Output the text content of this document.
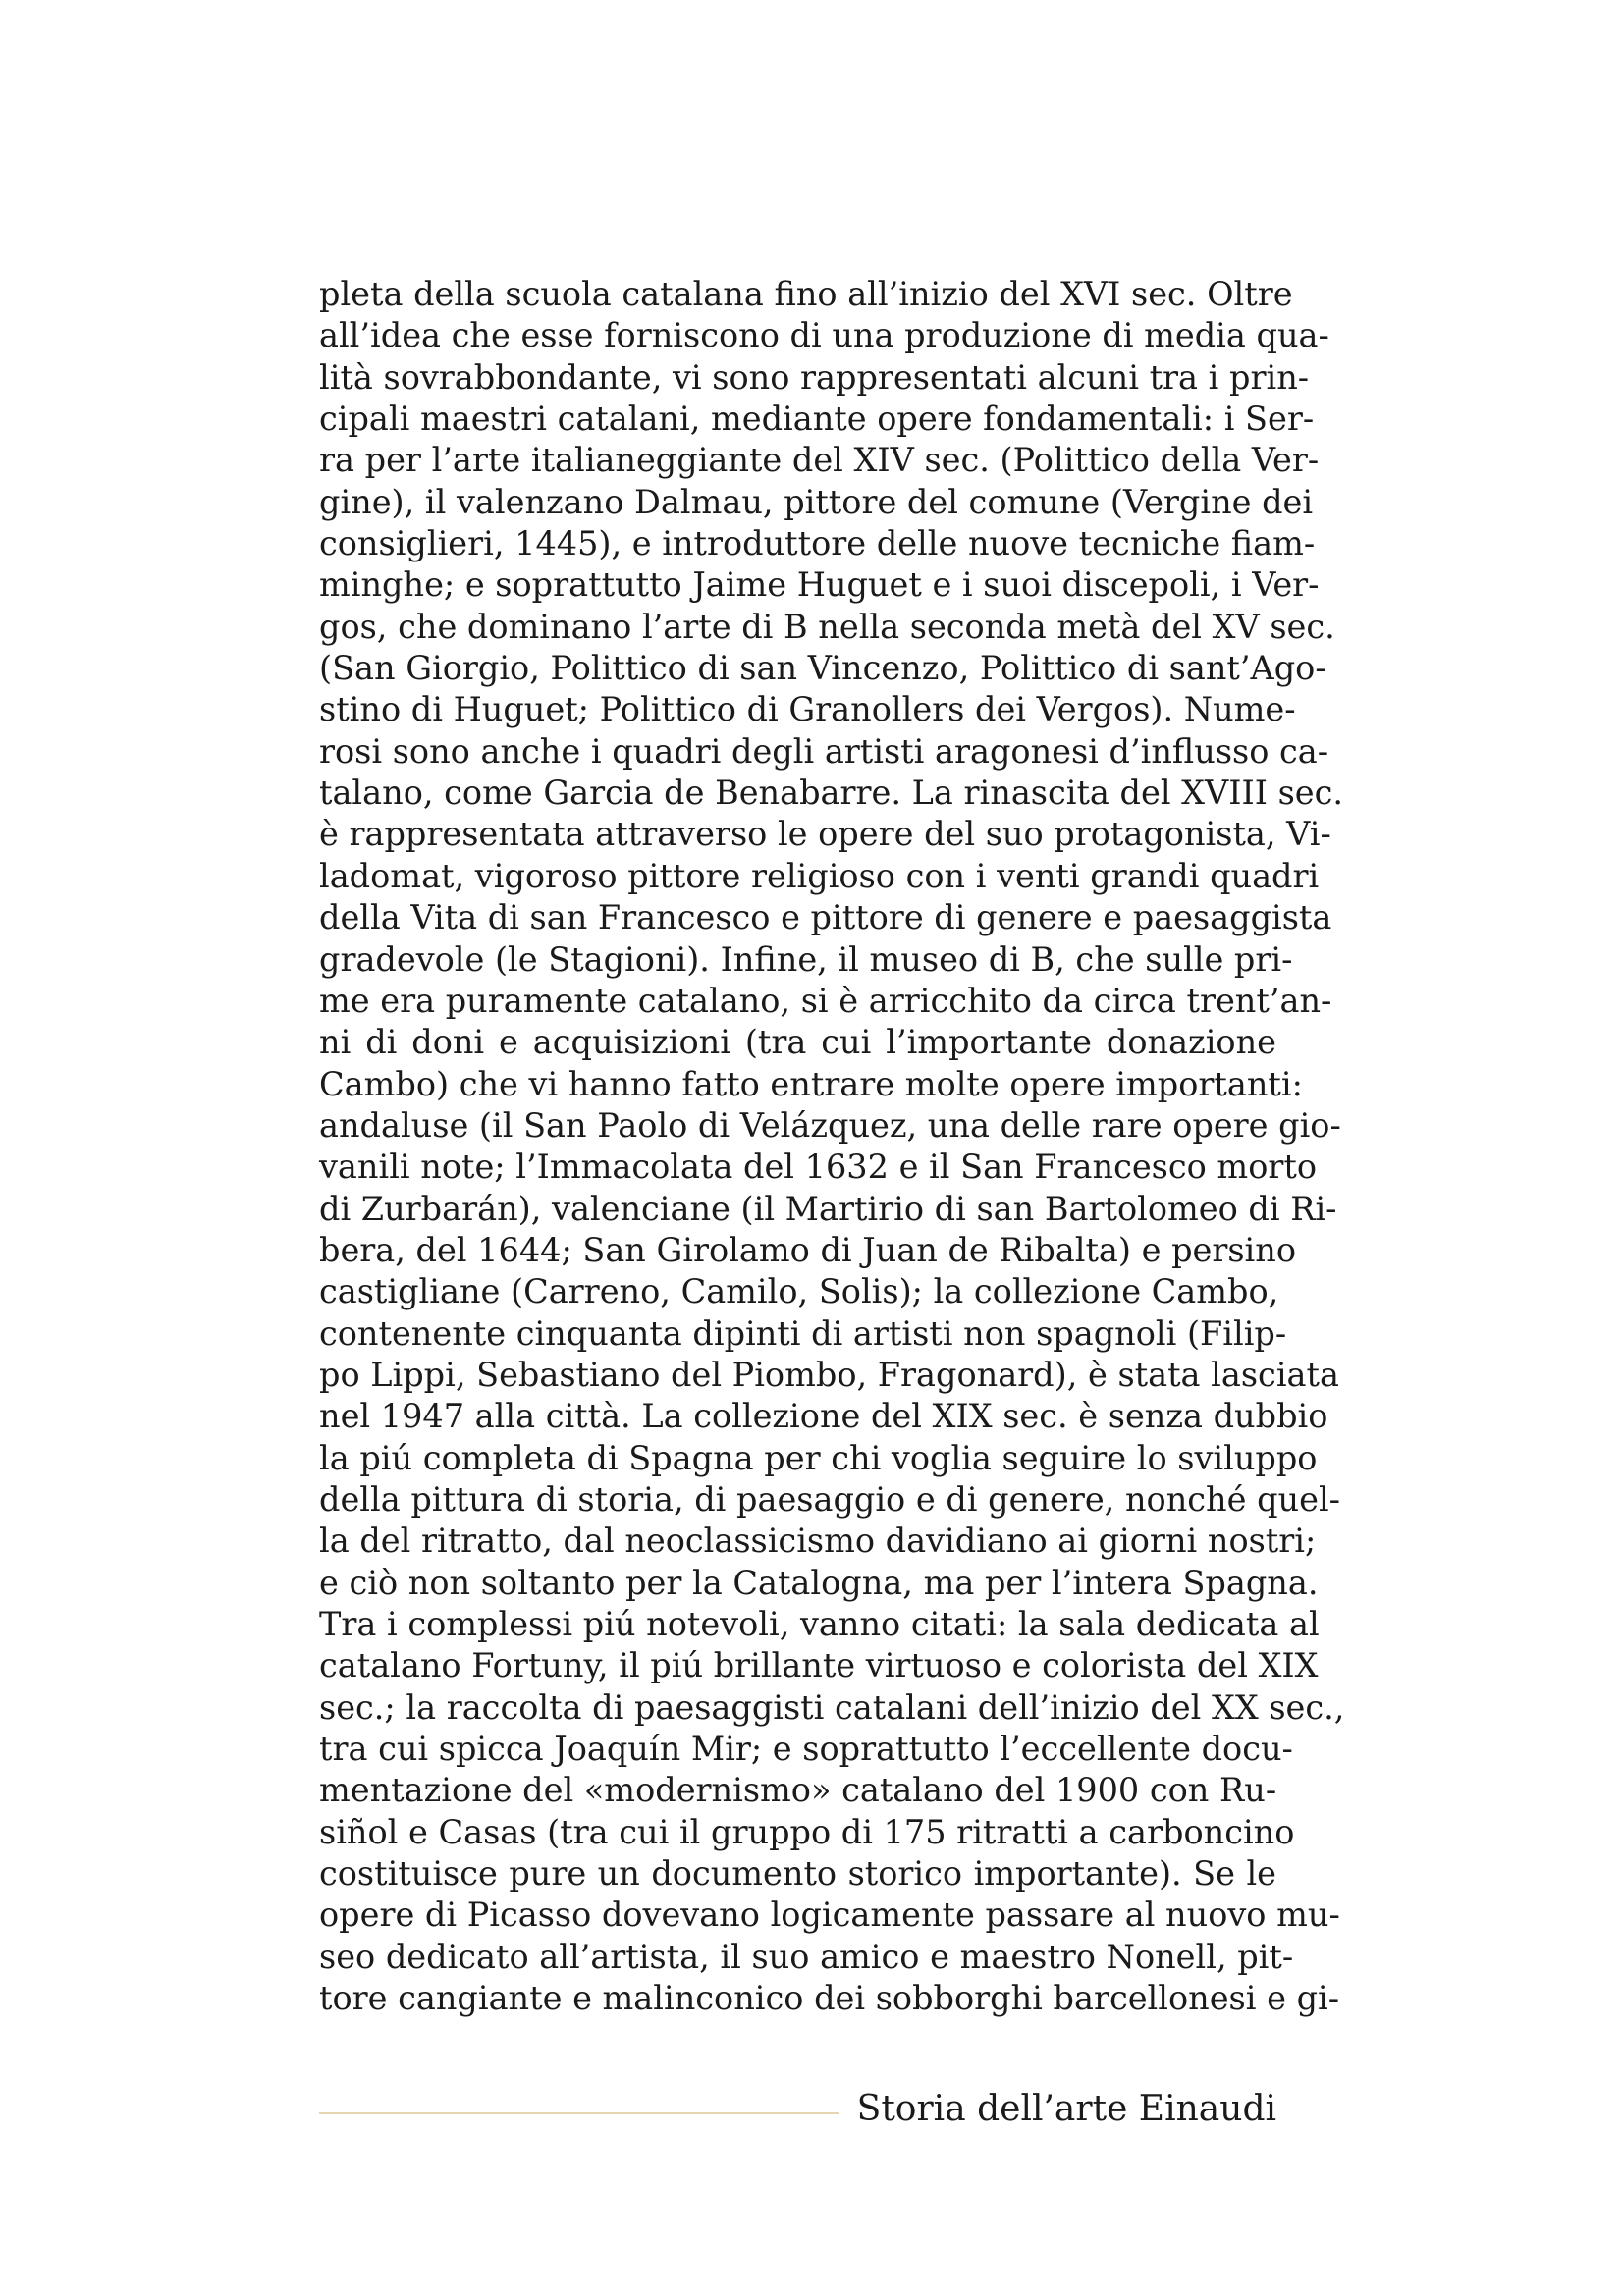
pleta della scuola catalana fino all’inizio del XVI sec. Oltre
all’idea che esse forniscono di una produzione di media qua-
lità sovrabbondante, vi sono rappresentati alcuni tra i prin-
cipali maestri catalani, mediante opere fondamentali: i Ser-
ra per l’arte italianeggiante del XIV sec. (Polittico della Ver-
gine), il valenzano Dalmau, pittore del comune (Vergine dei
consiglieri, 1445), e introduttore delle nuove tecniche fiam-
minghe; e soprattutto Jaime Huguet e i suoi discepoli, i Ver-
gos, che dominano l’arte di B nella seconda metà del XV sec.
(San Giorgio, Polittico di san Vincenzo, Polittico di sant’Ago-
stino di Huguet; Polittico di Granollers dei Vergos). Nume-
rosi sono anche i quadri degli artisti aragonesi d’influsso ca-
talano, come Garcia de Benabarre. La rinascita del XVIII sec.
è rappresentata attraverso le opere del suo protagonista, Vi-
ladomat, vigoroso pittore religioso con i venti grandi quadri
della Vita di san Francesco e pittore di genere e paesaggista
gradevole (le Stagioni). Infine, il museo di B, che sulle pri-
me era puramente catalano, si è arricchito da circa trent’an-
ni di doni e acquisizioni (tra cui l’importante donazione
Cambo) che vi hanno fatto entrare molte opere importanti:
andaluse (il San Paolo di Velázquez, una delle rare opere gio-
vanili note; l’Immacolata del 1632 e il San Francesco morto
di Zurbarán), valenciane (il Martirio di san Bartolomeo di Ri-
bera, del 1644; San Girolamo di Juan de Ribalta) e persino
castigliane (Carreno, Camilo, Solis); la collezione Cambo,
contenente cinquanta dipinti di artisti non spagnoli (Filip-
po Lippi, Sebastiano del Piombo, Fragonard), è stata lasciata
nel 1947 alla città. La collezione del XIX sec. è senza dubbio
la piú completa di Spagna per chi voglia seguire lo sviluppo
della pittura di storia, di paesaggio e di genere, nonché quel-
la del ritratto, dal neoclassicismo davidiano ai giorni nostri;
e ciò non soltanto per la Catalogna, ma per l’intera Spagna.
Tra i complessi piú notevoli, vanno citati: la sala dedicata al
catalano Fortuny, il piú brillante virtuoso e colorista del XIX
sec.; la raccolta di paesaggisti catalani dell’inizio del XX sec.,
tra cui spicca Joaquín Mir; e soprattutto l’eccellente docu-
mentazione del «modernismo» catalano del 1900 con Ru-
siñol e Casas (tra cui il gruppo di 175 ritratti a carboncino
costituisce pure un documento storico importante). Se le
opere di Picasso dovevano logicamente passare al nuovo mu-
seo dedicato all’artista, il suo amico e maestro Nonell, pit-
tore cangiante e malinconico dei sobborghi barcellonesi e gi-

Storia dell’arte Einaudi
